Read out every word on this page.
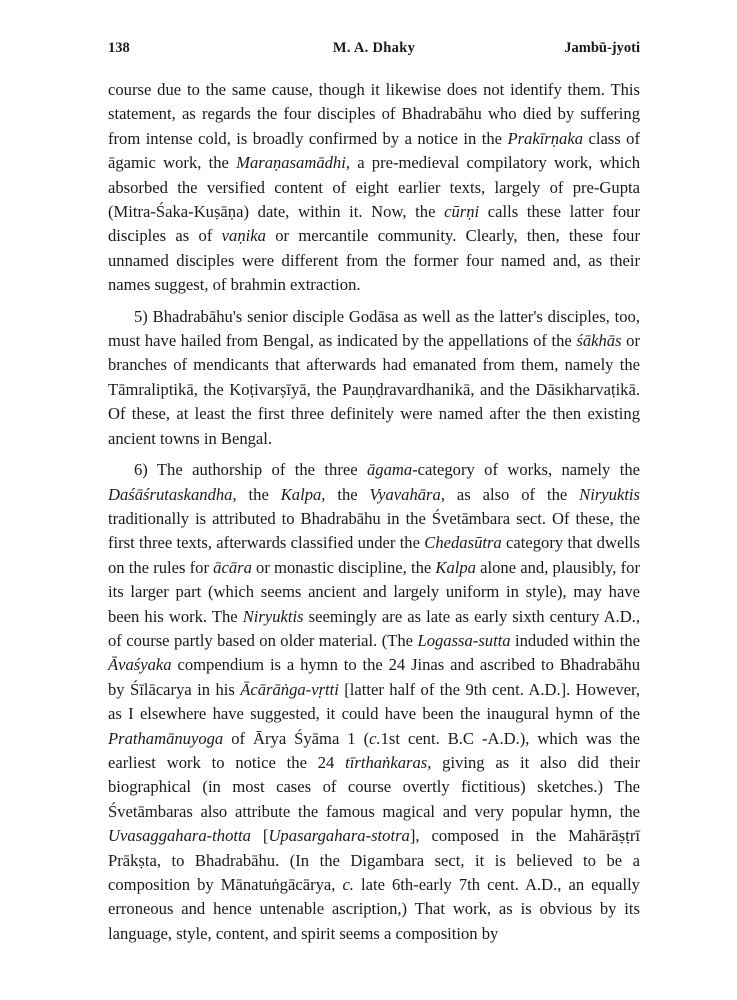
138	M. A. Dhaky	Jambū-jyoti

course due to the same cause, though it likewise does not identify them. This statement, as regards the four disciples of Bhadrabāhu who died by suffering from intense cold, is broadly confirmed by a notice in the Prakīrṇaka class of āgamic work, the Maraṇasamādhi, a pre-medieval compilatory work, which absorbed the versified content of eight earlier texts, largely of pre-Gupta (Mitra-Śaka-Kuṣāṇa) date, within it. Now, the cūrṇi calls these latter four disciples as of vaṇika or mercantile community. Clearly, then, these four unnamed disciples were different from the former four named and, as their names suggest, of brahmin extraction.

5) Bhadrabāhu's senior disciple Godāsa as well as the latter's disciples, too, must have hailed from Bengal, as indicated by the appellations of the śākhās or branches of mendicants that afterwards had emanated from them, namely the Tāmraliptikā, the Koṭivarṣīyā, the Pauṇḍravardhanikā, and the Dāsikharvaṭikā. Of these, at least the first three definitely were named after the then existing ancient towns in Bengal.

6) The authorship of the three āgama-category of works, namely the Daśāśrutaskandha, the Kalpa, the Vyavahāra, as also of the Niryuktis traditionally is attributed to Bhadrabāhu in the Śvetāmbara sect. Of these, the first three texts, afterwards classified under the Chedasūtra category that dwells on the rules for ācāra or monastic discipline, the Kalpa alone and, plausibly, for its larger part (which seems ancient and largely uniform in style), may have been his work. The Niryuktis seemingly are as late as early sixth century A.D., of course partly based on older material. (The Logassa-sutta induded within the Āvaśyaka compendium is a hymn to the 24 Jinas and ascribed to Bhadrabāhu by Śīlācarya in his Ācārāṅga-vṛtti [latter half of the 9th cent. A.D.]. However, as I elsewhere have suggested, it could have been the inaugural hymn of the Prathamānuyoga of Ārya Śyāma 1 (c.1st cent. B.C -A.D.), which was the earliest work to notice the 24 tīrthaṅkaras, giving as it also did their biographical (in most cases of course overtly fictitious) sketches.) The Śvetāmbaras also attribute the famous magical and very popular hymn, the Uvasaggahara-thotta [Upasargahara-stotra], composed in the Mahārāṣṭrī Prākṣta, to Bhadrabāhu. (In the Digambara sect, it is believed to be a composition by Mānatuṅgācārya, c. late 6th-early 7th cent. A.D., an equally erroneous and hence untenable ascription,) That work, as is obvious by its language, style, content, and spirit seems a composition by
